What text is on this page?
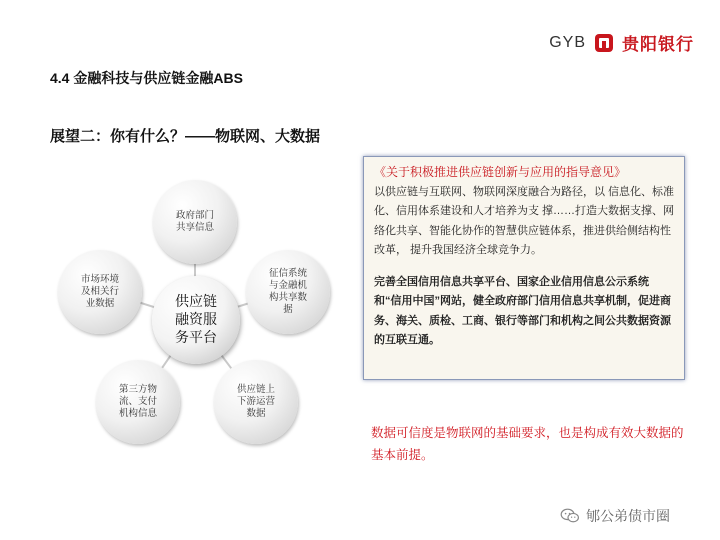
GYB 贵阳银行
4.4 金融科技与供应链金融ABS
展望二：你有什么？——物联网、大数据
供应链
融资服
务平台
政府部门
共享信息
征信系统
与金融机
构共享数
据
供应链上
下游运营
数据
第三方物
流、支付
机构信息
市场环境
及相关行
业数据
《关于积极推进供应链创新与应用的指导意见》

以供应链与互联网、物联网深度融合为路径，以 信息化、标准化、信用体系建设和人才培养为支 撑……打造大数据支撑、网络化共享、智能化协作的智慧供应链体系，推进供给侧结构性改革， 提升我国经济全球竞争力。

完善全国信用信息共享平台、国家企业信用信息公示系统和“信用中国”网站，健全政府部门信用信息共享机制，促进商务、海关、质检、工商、银行等部门和机构之间公共数据资源的互联互通。

数据可信度是物联网的基础要求，也是构成有效大数据的基本前提。
郇公弟债市圈
